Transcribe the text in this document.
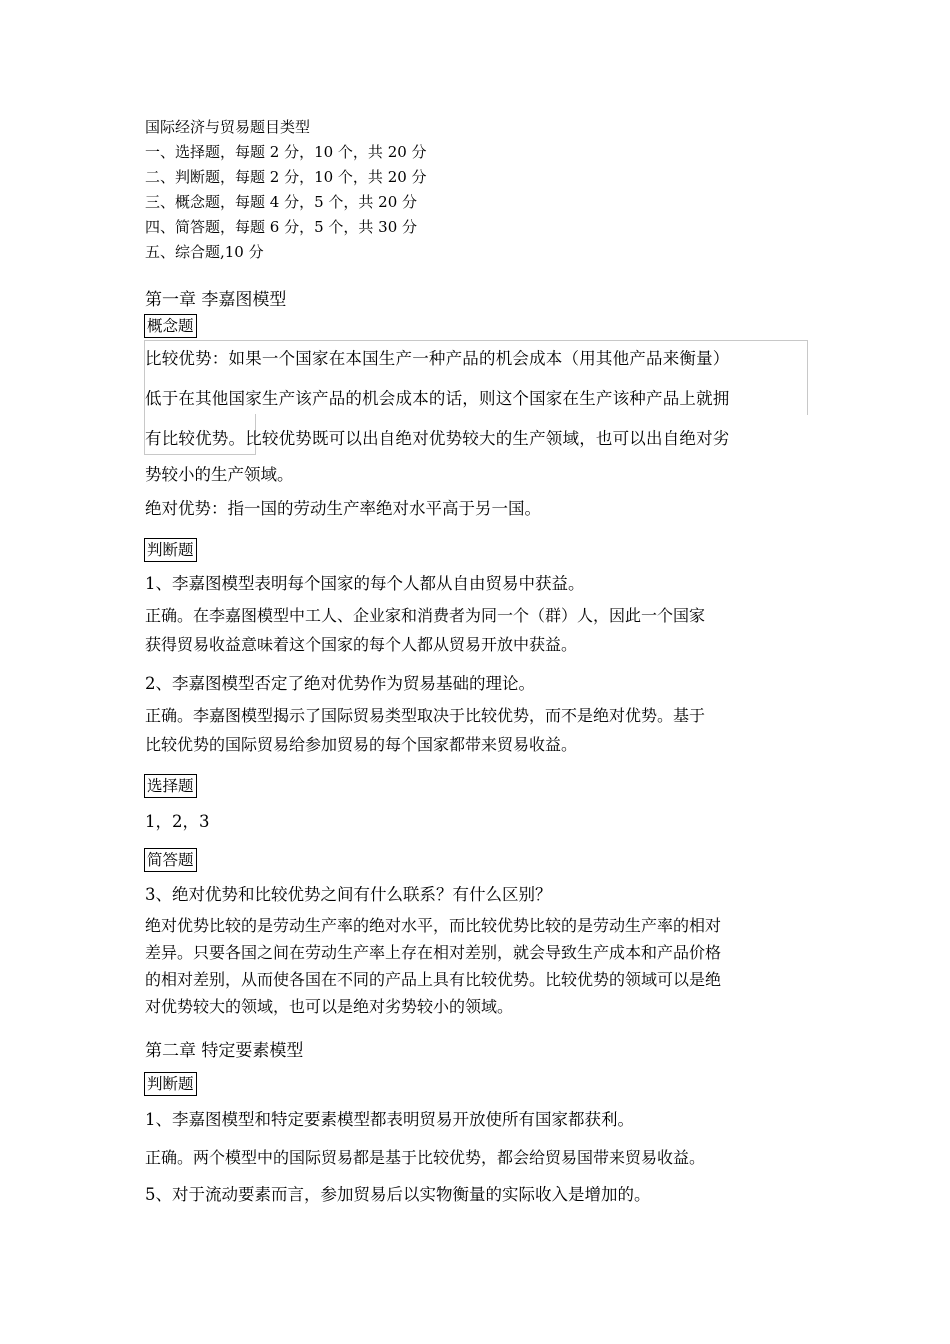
国际经济与贸易题目类型
一、选择题，每题 2 分，10 个，共 20 分
二、判断题，每题 2 分，10 个，共 20 分
三、概念题，每题 4 分，5 个，共 20 分
四、简答题，每题 6 分，5 个，共 30 分
五、综合题,10 分
第一章 李嘉图模型
概念题
比较优势：如果一个国家在本国生产一种产品的机会成本（用其他产品来衡量）
低于在其他国家生产该产品的机会成本的话，则这个国家在生产该种产品上就拥
有比较优势。比较优势既可以出自绝对优势较大的生产领域，也可以出自绝对劣
势较小的生产领域。
绝对优势：指一国的劳动生产率绝对水平高于另一国。
判断题
1、李嘉图模型表明每个国家的每个人都从自由贸易中获益。
正确。在李嘉图模型中工人、企业家和消费者为同一个（群）人，因此一个国家
获得贸易收益意味着这个国家的每个人都从贸易开放中获益。
2、李嘉图模型否定了绝对优势作为贸易基础的理论。
正确。李嘉图模型揭示了国际贸易类型取决于比较优势，而不是绝对优势。基于
比较优势的国际贸易给参加贸易的每个国家都带来贸易收益。
选择题
1，2，3
简答题
3、绝对优势和比较优势之间有什么联系？有什么区别？
绝对优势比较的是劳动生产率的绝对水平，而比较优势比较的是劳动生产率的相对
差异。只要各国之间在劳动生产率上存在相对差别，就会导致生产成本和产品价格
的相对差别，从而使各国在不同的产品上具有比较优势。比较优势的领域可以是绝
对优势较大的领域，也可以是绝对劣势较小的领域。
第二章 特定要素模型
判断题
1、李嘉图模型和特定要素模型都表明贸易开放使所有国家都获利。
正确。两个模型中的国际贸易都是基于比较优势，都会给贸易国带来贸易收益。
5、对于流动要素而言，参加贸易后以实物衡量的实际收入是增加的。
